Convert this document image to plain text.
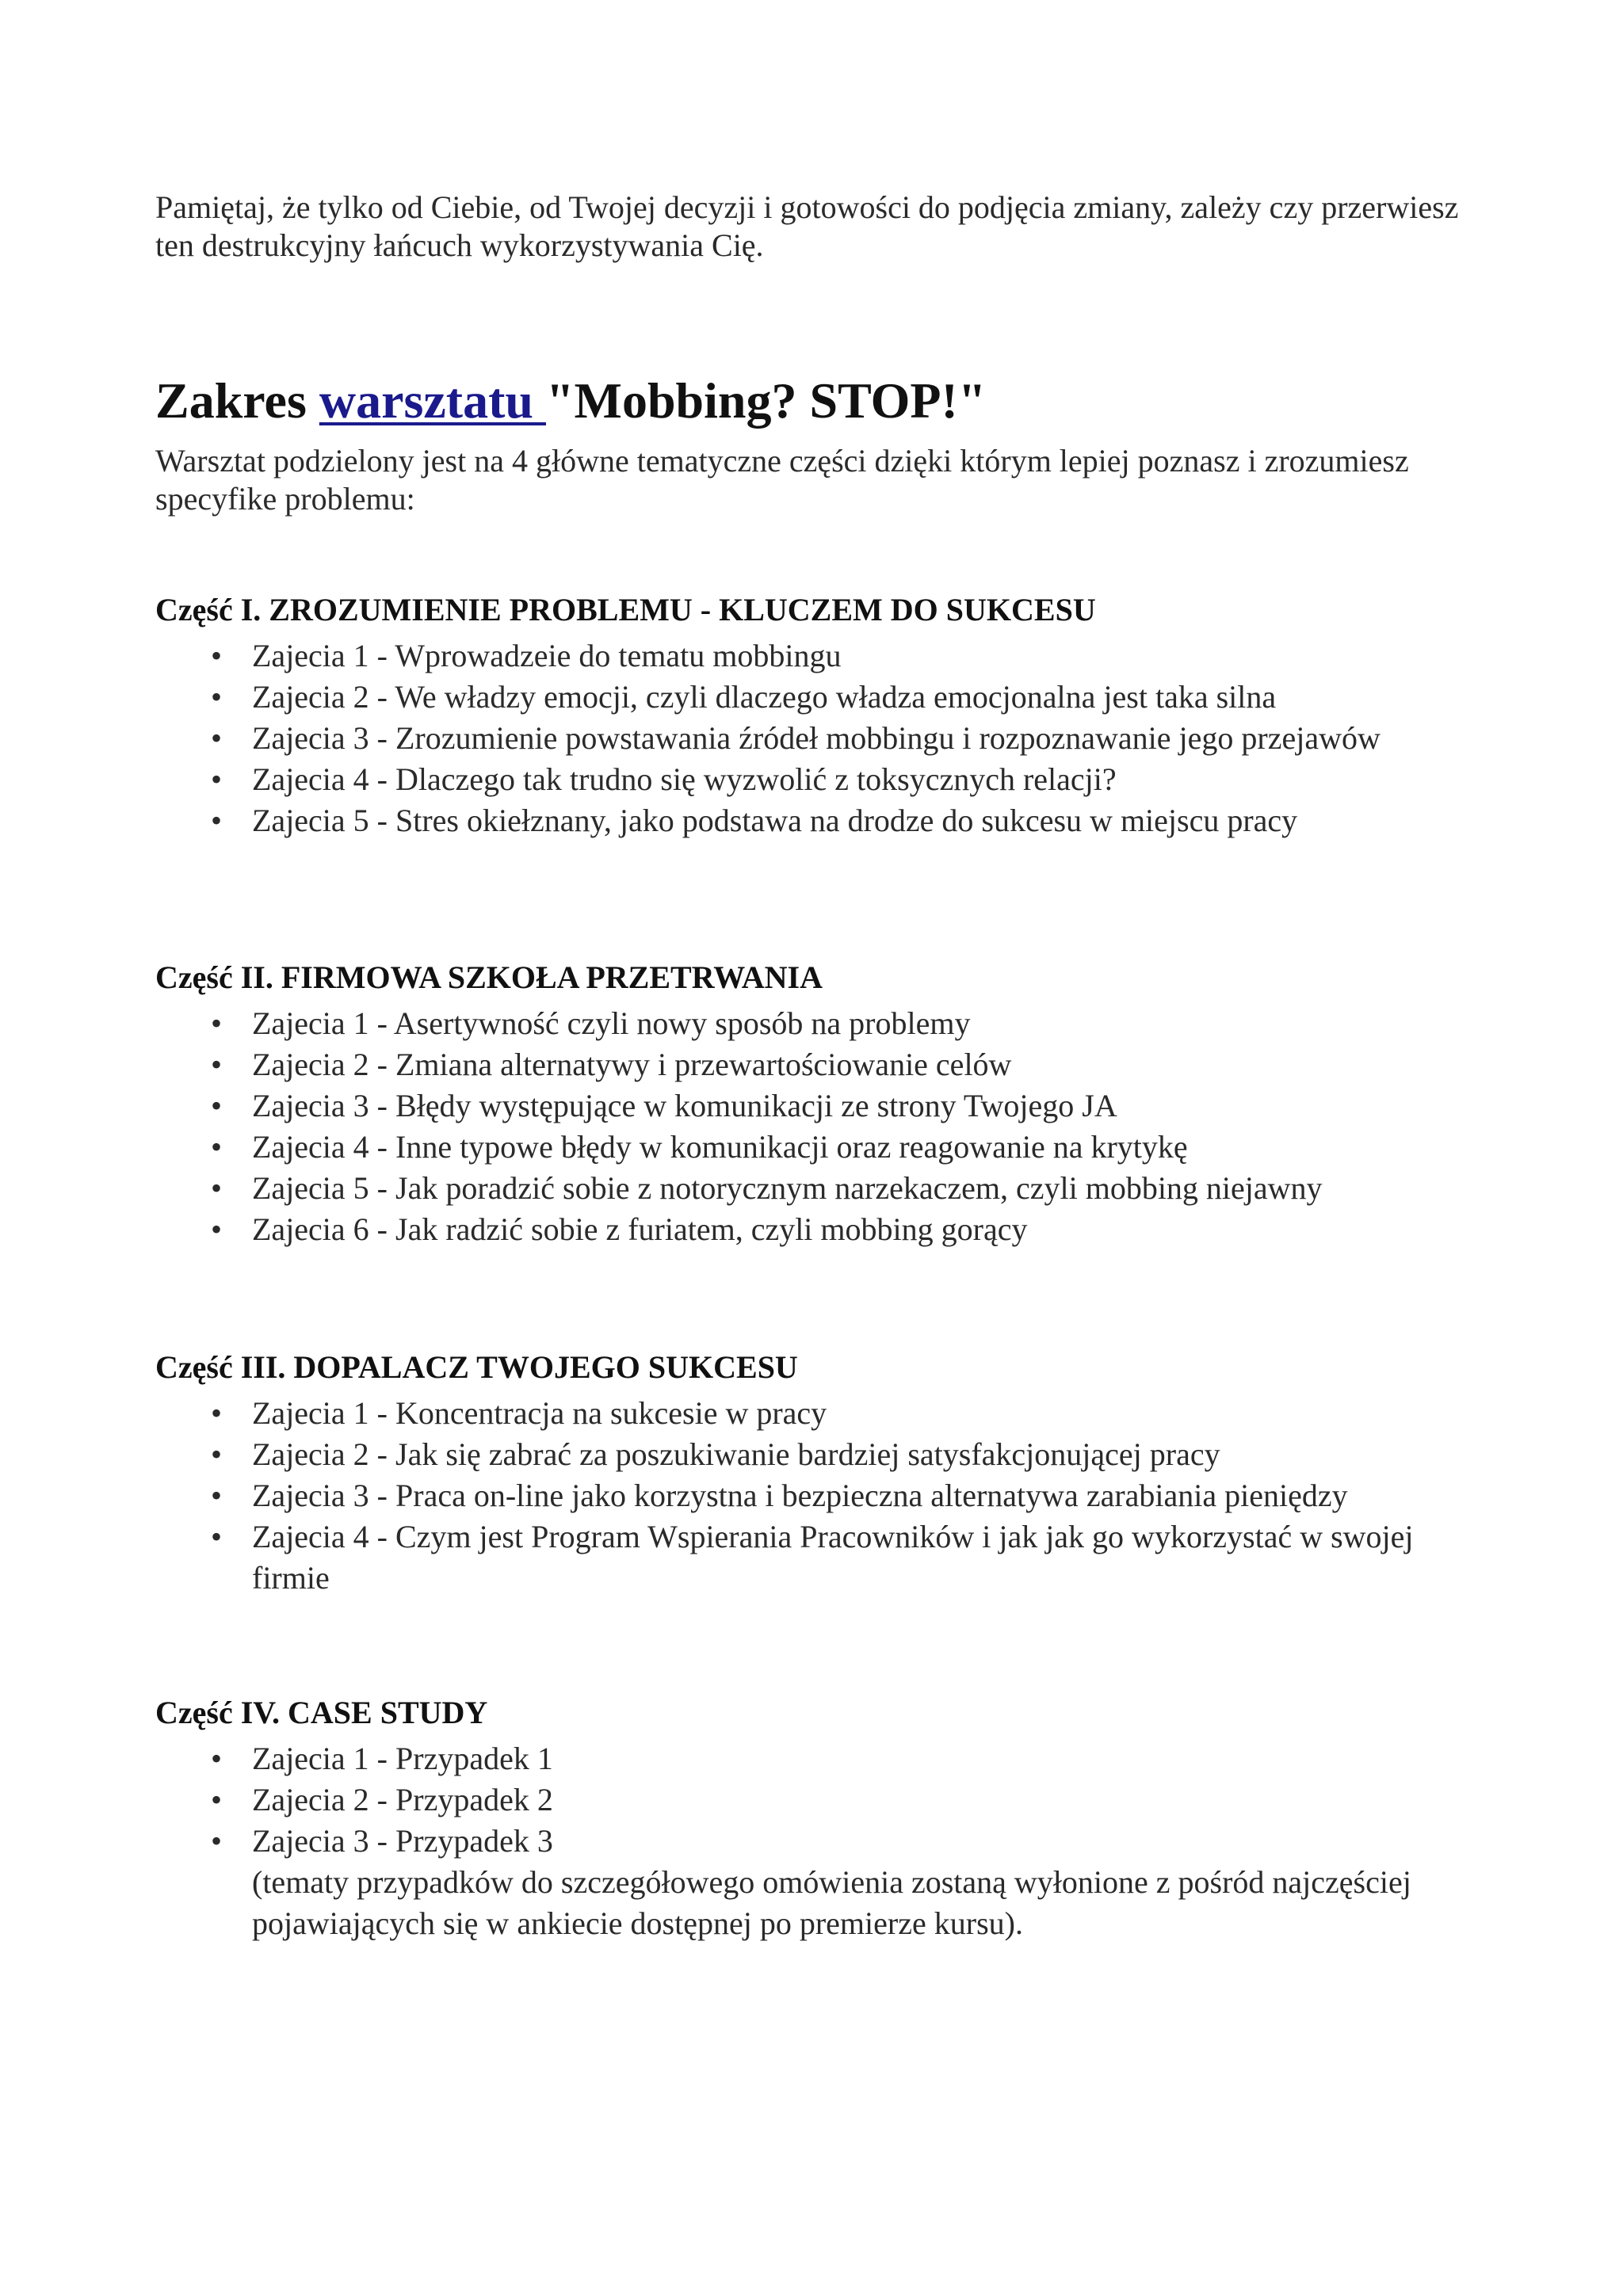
Pamiętaj, że tylko od Ciebie, od Twojej decyzji i gotowości do podjęcia zmiany, zależy czy przerwiesz ten destrukcyjny łańcuch wykorzystywania Cię.

Zakres warsztatu "Mobbing? STOP!"

Warsztat podzielony jest na 4 główne tematyczne części dzięki którym lepiej poznasz i zrozumiesz specyfike problemu:

Część I. ZROZUMIENIE PROBLEMU - KLUCZEM DO SUKCESU
• Zajecia 1 - Wprowadzeie do tematu mobbingu
• Zajecia 2 - We władzy emocji, czyli dlaczego władza emocjonalna jest taka silna
• Zajecia 3 - Zrozumienie powstawania źródeł mobbingu i rozpoznawanie jego przejawów
• Zajecia 4 - Dlaczego tak trudno się wyzwolić z toksycznych relacji?
• Zajecia 5 - Stres okiełznany, jako podstawa na drodze do sukcesu w miejscu pracy
Część II. FIRMOWA SZKOŁA PRZETRWANIA
• Zajecia 1 - Asertywność czyli nowy sposób na problemy
• Zajecia 2 - Zmiana alternatywy i przewartościowanie celów
• Zajecia 3 - Błędy występujące w komunikacji ze strony Twojego JA
• Zajecia 4 - Inne typowe błędy w komunikacji oraz reagowanie na krytykę
• Zajecia 5 - Jak poradzić sobie z notorycznym narzekaczem, czyli mobbing niejawny
• Zajecia 6 - Jak radzić sobie z furiatem, czyli mobbing gorący
Część III. DOPALACZ TWOJEGO SUKCESU
• Zajecia 1 - Koncentracja na sukcesie w pracy
• Zajecia 2 - Jak się zabrać za poszukiwanie bardziej satysfakcjonującej pracy
• Zajecia 3 - Praca on-line jako korzystna i bezpieczna alternatywa zarabiania pieniędzy
• Zajecia 4 - Czym jest Program Wspierania Pracowników i jak jak go wykorzystać w swojej firmie
Część IV. CASE STUDY
• Zajecia 1 - Przypadek 1
• Zajecia 2 - Przypadek 2
• Zajecia 3 - Przypadek 3
(tematy przypadków do szczegółowego omówienia zostaną wyłonione z pośród najczęściej pojawiających się w ankiecie dostępnej po premierze kursu).
